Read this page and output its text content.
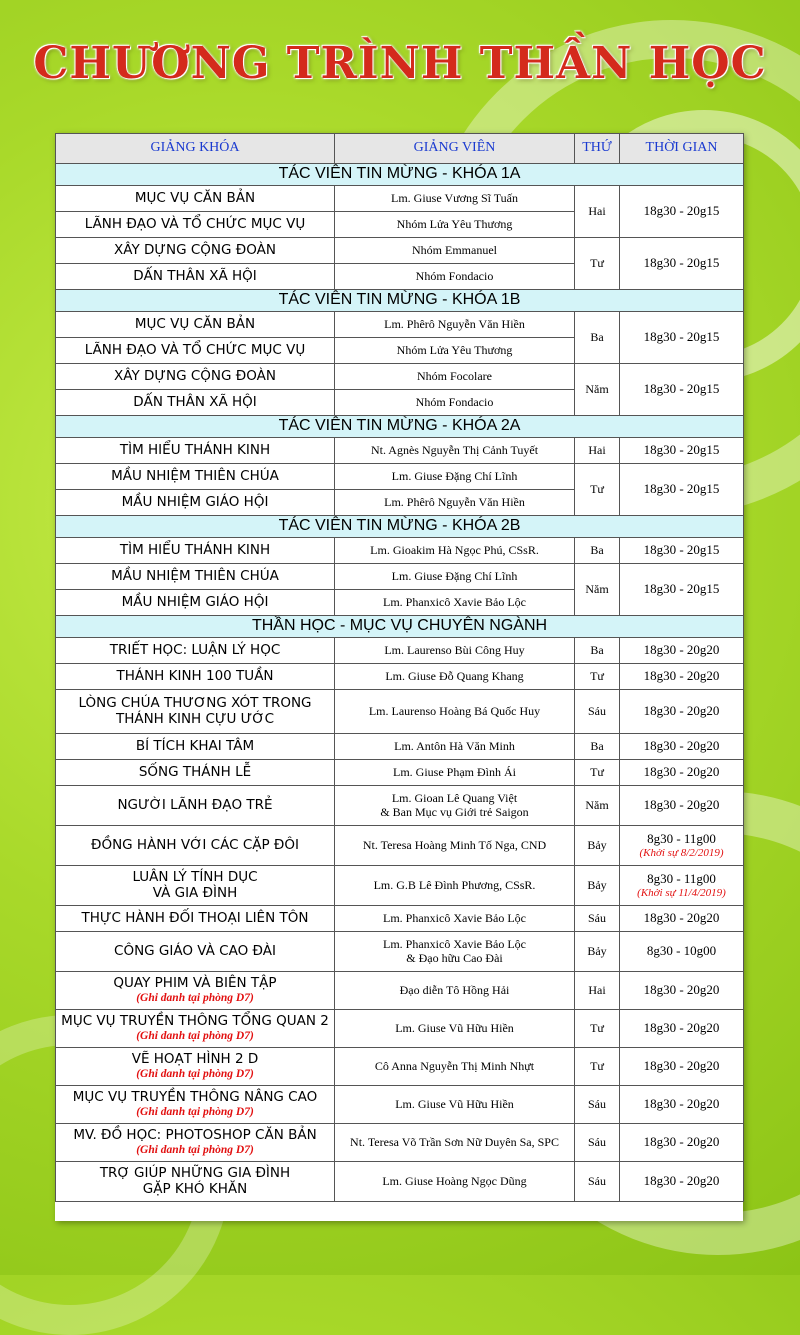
CHƯƠNG TRÌNH THẦN HỌC
GIẢNG KHÓA	GIẢNG VIÊN	THỨ	THỜI GIAN
TÁC VIÊN TIN MỪNG - KHÓA 1A			
MỤC VỤ CĂN BẢN	Lm. Giuse Vương Sĩ Tuấn	Hai	18g30 - 20g15
LÃNH ĐẠO VÀ TỔ CHỨC MỤC VỤ	Nhóm Lửa Yêu Thương		
XÂY DỰNG CỘNG ĐOÀN	Nhóm Emmanuel	Tư	18g30 - 20g15
DẤN THÂN XÃ HỘI	Nhóm Fondacio		
TÁC VIÊN TIN MỪNG - KHÓA 1B			
MỤC VỤ CĂN BẢN	Lm. Phêrô Nguyễn Văn Hiền	Ba	18g30 - 20g15
LÃNH ĐẠO VÀ TỔ CHỨC MỤC VỤ	Nhóm Lửa Yêu Thương		
XÂY DỰNG CỘNG ĐOÀN	Nhóm Focolare	Năm	18g30 - 20g15
DẤN THÂN XÃ HỘI	Nhóm Fondacio		
TÁC VIÊN TIN MỪNG - KHÓA 2A			
TÌM HIỂU THÁNH KINH	Nt. Agnès Nguyễn Thị Cảnh Tuyết	Hai	18g30 - 20g15
MẦU NHIỆM THIÊN CHÚA	Lm. Giuse Đặng Chí Lĩnh	Tư	18g30 - 20g15
MẦU NHIỆM GIÁO HỘI	Lm. Phêrô Nguyễn Văn Hiền		
TÁC VIÊN TIN MỪNG - KHÓA 2B			
TÌM HIỂU THÁNH KINH	Lm. Gioakim Hà Ngọc Phú, CSsR.	Ba	18g30 - 20g15
MẦU NHIỆM THIÊN CHÚA	Lm. Giuse Đặng Chí Lĩnh	Năm	18g30 - 20g15
MẦU NHIỆM GIÁO HỘI	Lm. Phanxicô Xavie Bảo Lộc		
THẦN HỌC - MỤC VỤ CHUYÊN NGÀNH			
TRIẾT HỌC: LUẬN LÝ HỌC	Lm. Laurenso Bùi Công Huy	Ba	18g30 - 20g20
THÁNH KINH 100 TUẦN	Lm. Giuse Đỗ Quang Khang	Tư	18g30 - 20g20

LÒNG CHÚA THƯƠNG XÓT TRONG
THÁNH KINH CỰU ƯỚC	Lm. Laurenso Hoàng Bá Quốc Huy	Sáu	18g30 - 20g20
BÍ TÍCH KHAI TÂM	Lm. Antôn Hà Văn Minh	Ba	18g30 - 20g20
SỐNG THÁNH LỄ	Lm. Giuse Phạm Đình Ái	Tư	18g30 - 20g20
NGƯỜI LÃNH ĐẠO TRẺ	Lm. Gioan Lê Quang Việt
& Ban Mục vụ Giới trẻ Saigon	Năm	18g30 - 20g20
ĐỒNG HÀNH VỚI CÁC CẶP ĐÔI	Nt. Teresa Hoàng Minh Tố Nga, CND	Bảy	8g30 - 11g00
(Khởi sự 8/2/2019)

LUÂN LÝ TÍNH DỤC
VÀ GIA ĐÌNH	Lm. G.B Lê Đình Phương, CSsR.	Bảy	8g30 - 11g00
(Khởi sự 11/4/2019)

THỰC HÀNH ĐỐI THOẠI LIÊN TÔN	Lm. Phanxicô Xavie Bảo Lộc	Sáu	18g30 - 20g20
CÔNG GIÁO VÀ CAO ĐÀI	Lm. Phanxicô Xavie Bảo Lộc
& Đạo hữu Cao Đài	Bảy	8g30 - 10g00

QUAY PHIM VÀ BIÊN TẬP
(Ghi danh tại phòng D7)	Đạo diễn Tô Hồng Hải	Hai	18g30 - 20g20

MỤC VỤ TRUYỀN THÔNG TỔNG QUAN 2
(Ghi danh tại phòng D7)	Lm. Giuse Vũ Hữu Hiền	Tư	18g30 - 20g20

VẼ HOẠT HÌNH 2 D
(Ghi danh tại phòng D7)	Cô Anna Nguyễn Thị Minh Nhựt	Tư	18g30 - 20g20

MỤC VỤ TRUYỀN THÔNG NÂNG CAO
(Ghi danh tại phòng D7)	Lm. Giuse Vũ Hữu Hiền	Sáu	18g30 - 20g20

MV. ĐỒ HỌC: PHOTOSHOP CĂN BẢN
(Ghi danh tại phòng D7)	Nt. Teresa Võ Trần Sơn Nữ Duyên Sa, SPC	Sáu	18g30 - 20g20

TRỢ GIÚP NHỮNG GIA ĐÌNH
GẶP KHÓ KHĂN	Lm. Giuse Hoàng Ngọc Dũng	Sáu	18g30 - 20g20
